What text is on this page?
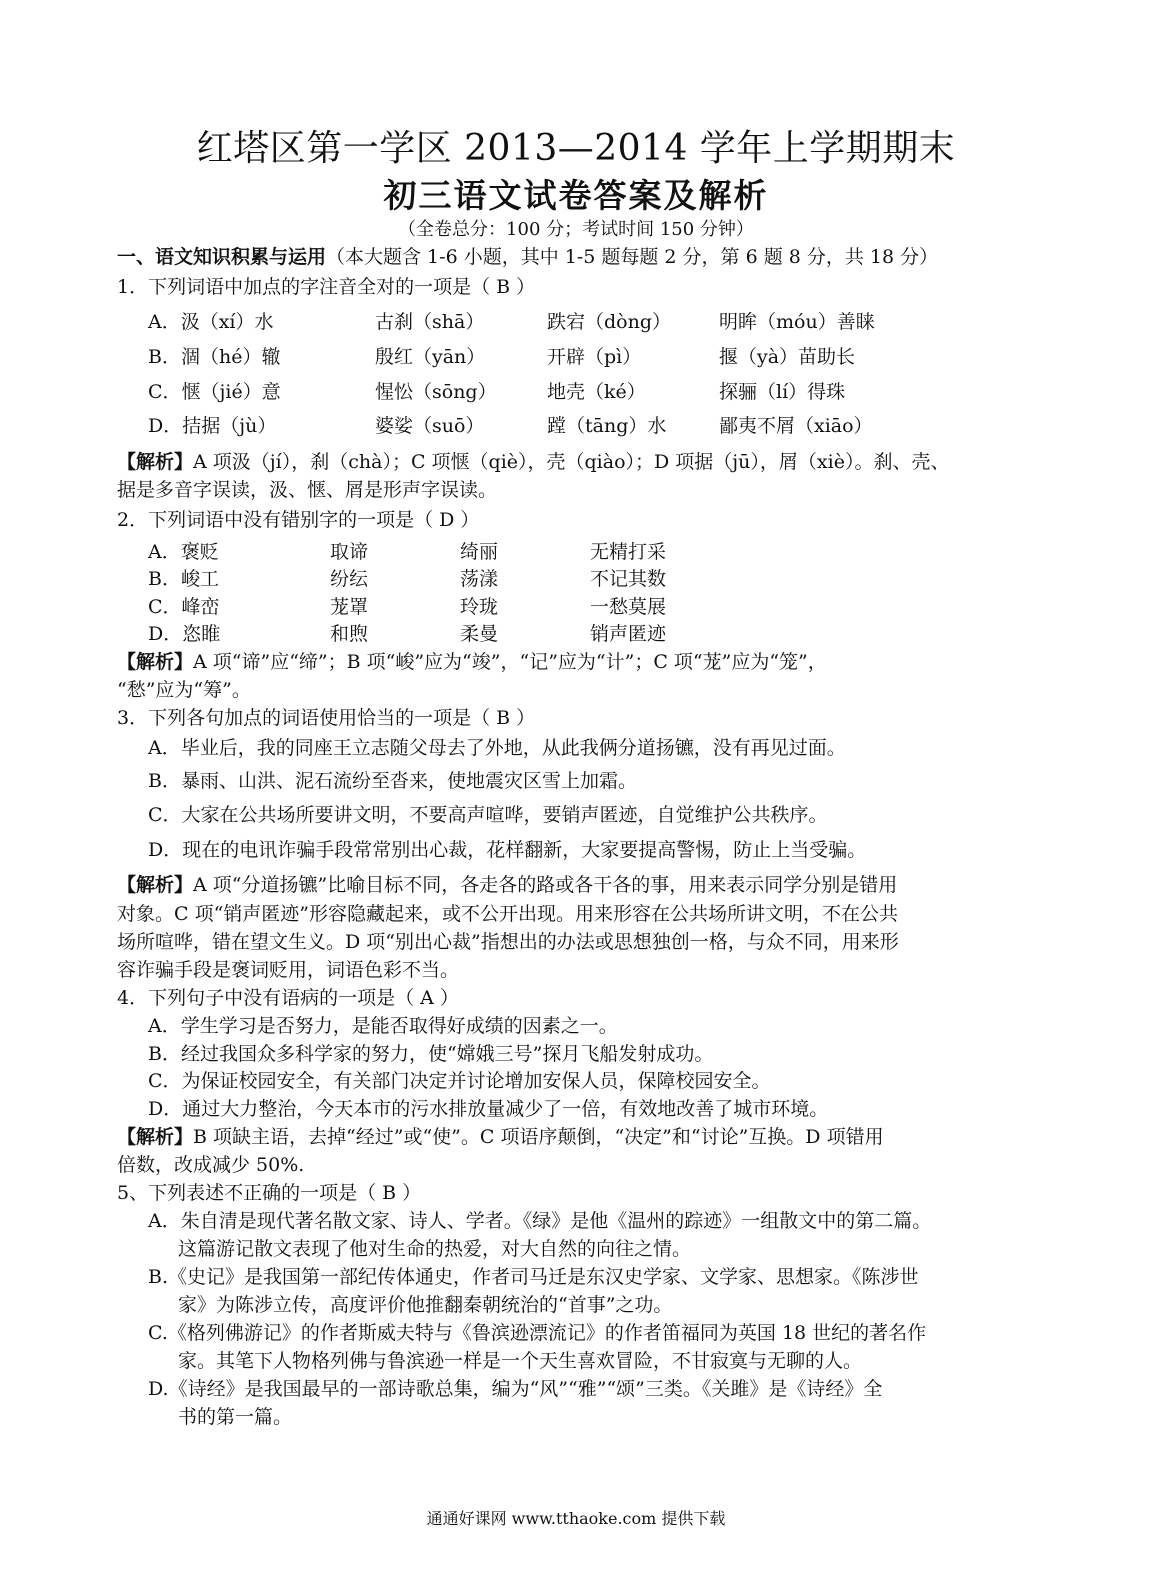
红塔区第一学区 2013—2014 学年上学期期末
初三语文试卷答案及解析
（全卷总分：100 分；考试时间 150 分钟）
一、语文知识积累与运用（本大题含 1-6 小题，其中 1-5 题每题 2 分，第 6 题 8 分，共 18 分）
1．下列词语中加点的字注音全对的一项是（ B ）
A．汲（xí）水	古刹（shā）	跌宕（dòng）	明眸（móu）善睐
B．涸（hé）辙	殷红（yān）	开辟（pì）	揠（yà）苗助长
C．惬（jié）意	惺忪（sōng）	地壳（ké）	探骊（lí）得珠
D．拮据（jù）	婆娑（suō）	蹚（tāng）水	鄙夷不屑（xiāo）
【解析】A 项汲（jí），刹（chà）；C 项惬（qiè），壳（qiào）；D 项据（jū），屑（xiè）。刹、壳、
据是多音字误读，汲、惬、屑是形声字误读。
2．下列词语中没有错别字的一项是（ D ）
A．褒贬	取谛	绮丽	无精打采
B．峻工	纷纭	荡漾	不记其数
C．峰峦	茏罩	玲珑	一愁莫展
D．恣睢	和煦	柔曼	销声匿迹
【解析】A 项“谛”应“缔”；B 项“峻”应为“竣”，“记”应为“计”；C 项“茏”应为“笼”，
“愁”应为“筹”。
3．下列各句加点的词语使用恰当的一项是（ B ）
A．毕业后，我的同座王立志随父母去了外地，从此我俩分道扬镳，没有再见过面。
B．暴雨、山洪、泥石流纷至沓来，使地震灾区雪上加霜。
C．大家在公共场所要讲文明，不要高声喧哗，要销声匿迹，自觉维护公共秩序。
D．现在的电讯诈骗手段常常别出心裁，花样翻新，大家要提高警惕，防止上当受骗。
【解析】A 项“分道扬镳”比喻目标不同，各走各的路或各干各的事，用来表示同学分别是错用
对象。C 项“销声匿迹”形容隐藏起来，或不公开出现。用来形容在公共场所讲文明，不在公共
场所喧哗，错在望文生义。D 项“别出心裁”指想出的办法或思想独创一格，与众不同，用来形
容诈骗手段是褒词贬用，词语色彩不当。
4．下列句子中没有语病的一项是（ A ）
A．学生学习是否努力，是能否取得好成绩的因素之一。
B．经过我国众多科学家的努力，使“嫦娥三号”探月飞船发射成功。
C．为保证校园安全，有关部门决定并讨论增加安保人员，保障校园安全。
D．通过大力整治，今天本市的污水排放量减少了一倍，有效地改善了城市环境。
【解析】B 项缺主语，去掉“经过”或“使”。C 项语序颠倒，“决定”和“讨论”互换。D 项错用
倍数，改成减少 50%.
5、下列表述不正确的一项是（ B ）
A．朱自清是现代著名散文家、诗人、学者。《绿》是他《温州的踪迹》一组散文中的第二篇。
这篇游记散文表现了他对生命的热爱，对大自然的向往之情。
B.《史记》是我国第一部纪传体通史，作者司马迁是东汉史学家、文学家、思想家。《陈涉世
家》为陈涉立传，高度评价他推翻秦朝统治的“首事”之功。
C.《格列佛游记》的作者斯威夫特与《鲁滨逊漂流记》的作者笛福同为英国 18 世纪的著名作
家。其笔下人物格列佛与鲁滨逊一样是一个天生喜欢冒险，不甘寂寞与无聊的人。
D.《诗经》是我国最早的一部诗歌总集，编为“风”“雅”“颂”三类。《关雎》是《诗经》全
书的第一篇。
通通好课网 www.tthaoke.com 提供下载
